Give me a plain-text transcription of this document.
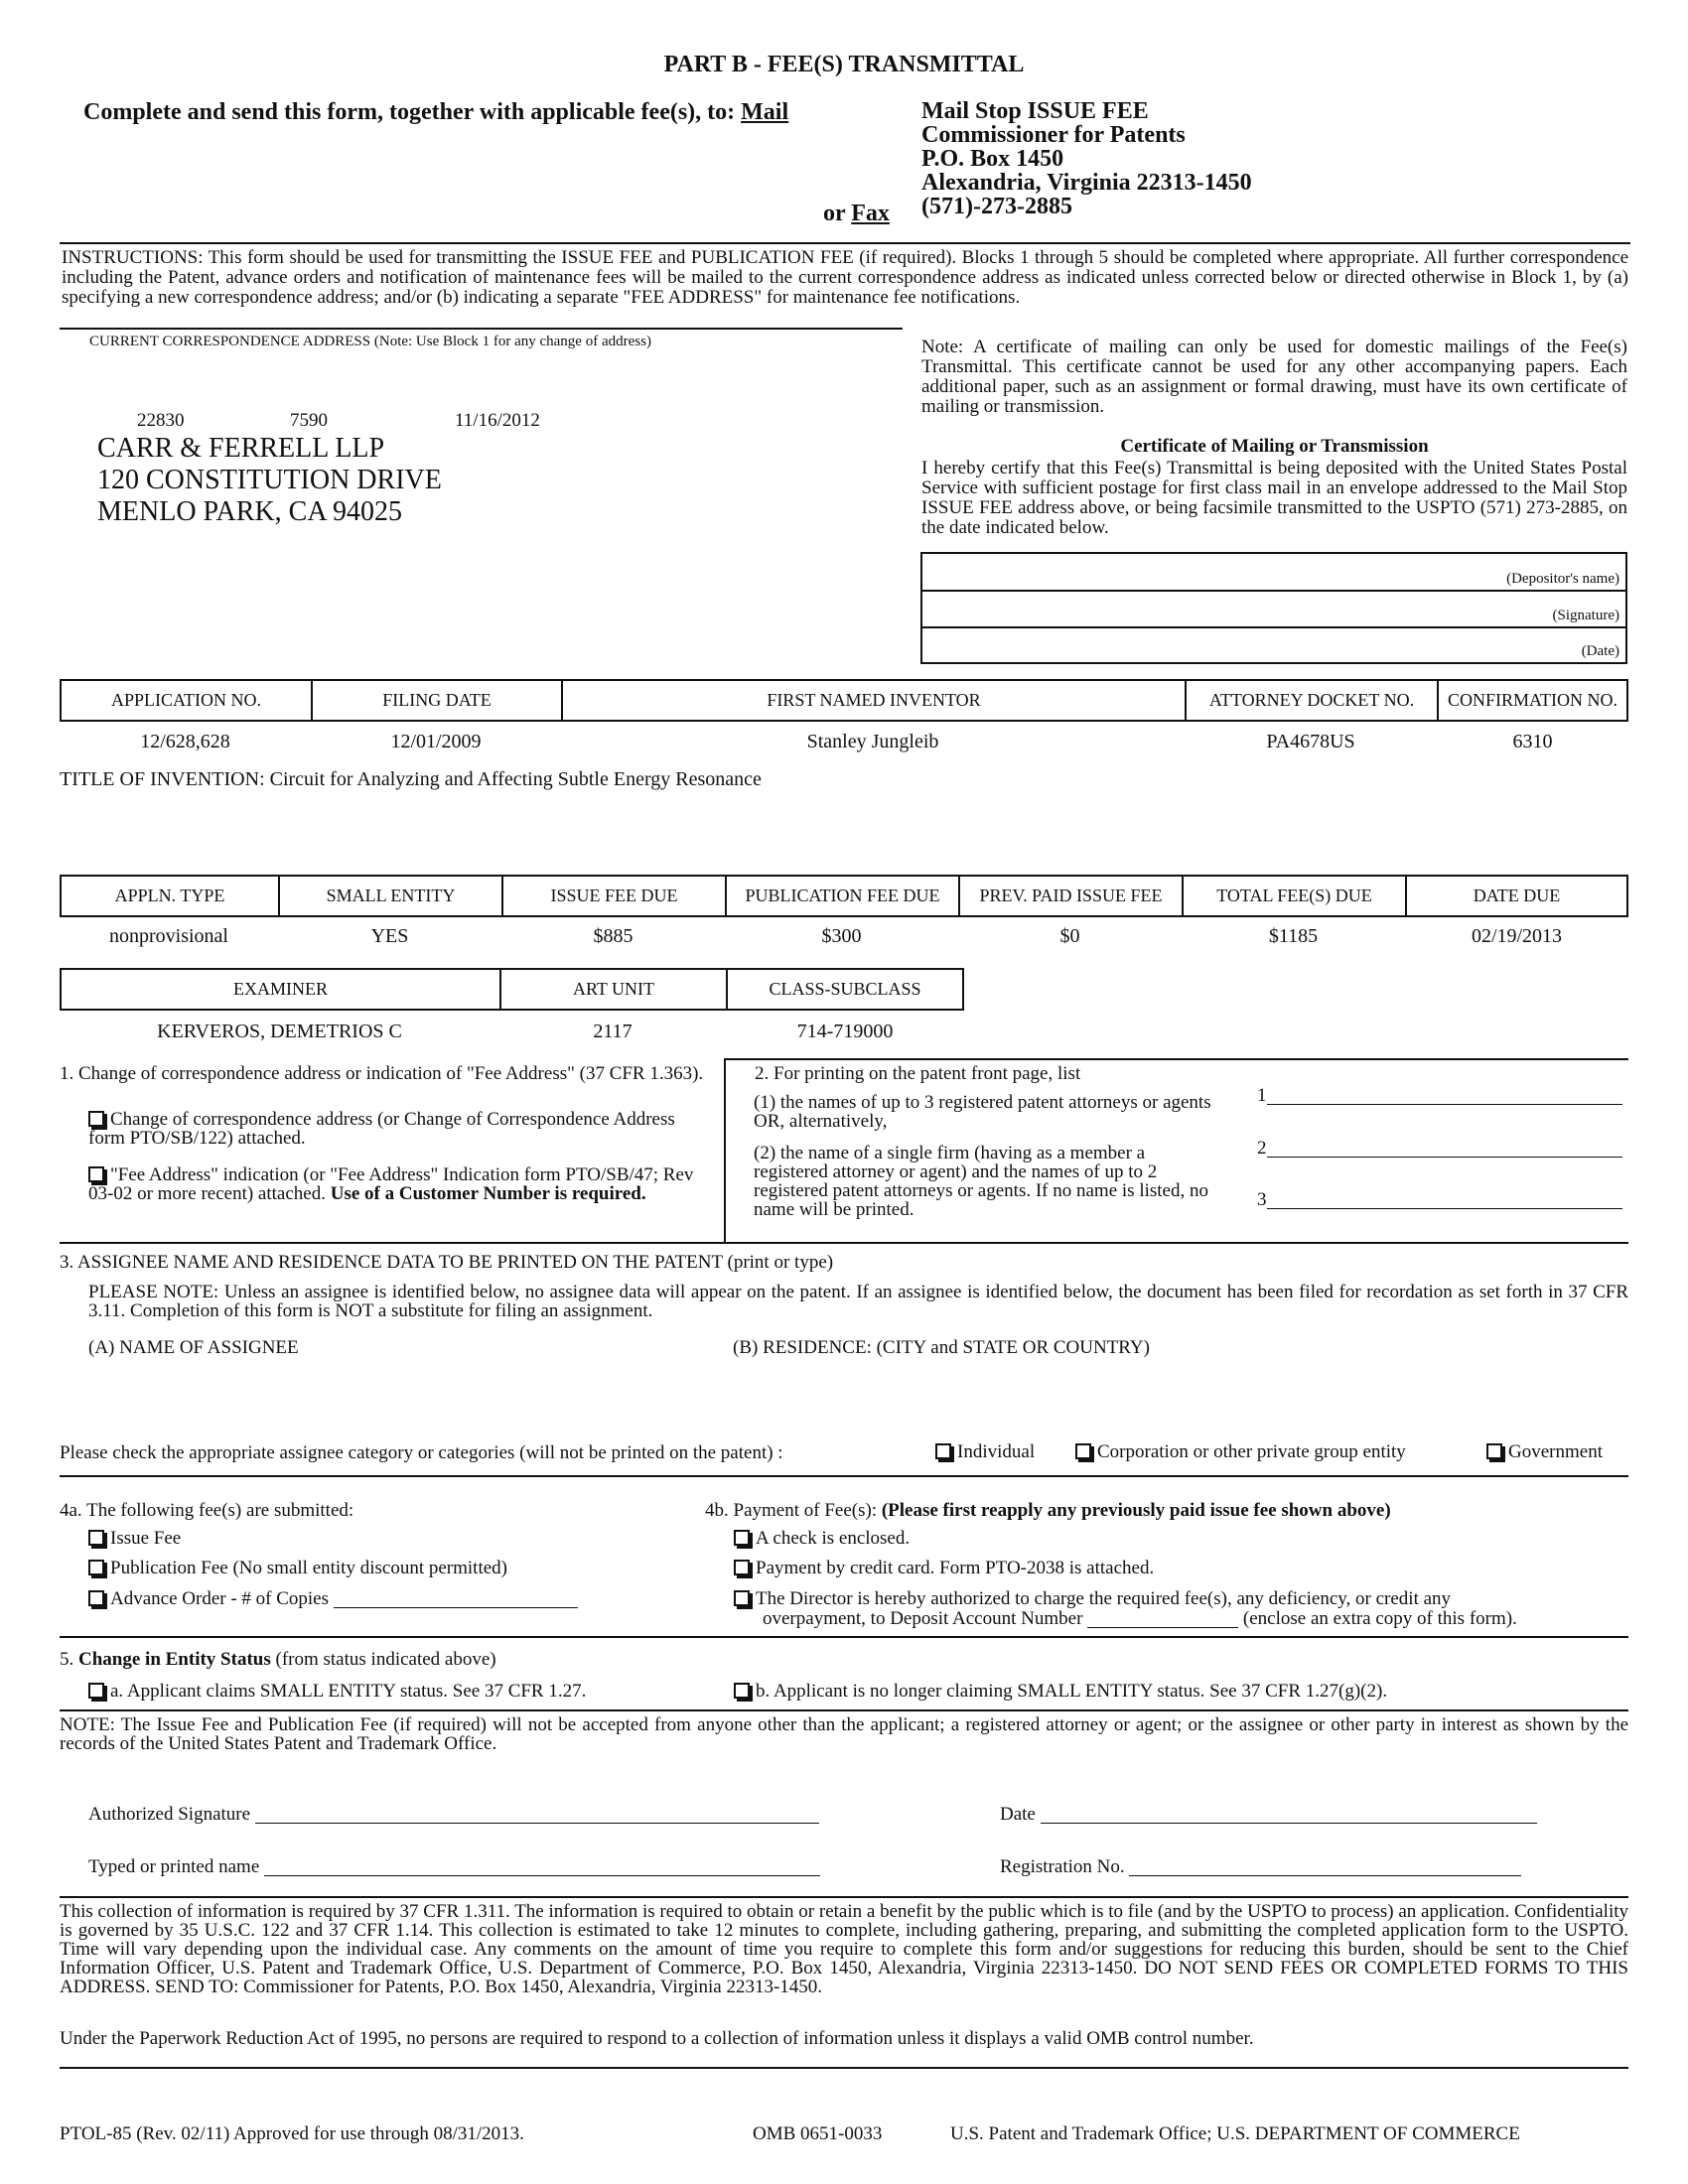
PART B - FEE(S) TRANSMITTAL
Complete and send this form, together with applicable fee(s), to: Mail	Mail Stop ISSUE FEE
Commissioner for Patents
P.O. Box 1450
Alexandria, Virginia 22313-1450
(571)-273-2885
or Fax
INSTRUCTIONS: This form should be used for transmitting the ISSUE FEE and PUBLICATION FEE (if required). Blocks 1 through 5 should be completed where appropriate. All further correspondence including the Patent, advance orders and notification of maintenance fees will be mailed to the current correspondence address as indicated unless corrected below or directed otherwise in Block 1, by (a) specifying a new correspondence address; and/or (b) indicating a separate "FEE ADDRESS" for maintenance fee notifications.
CURRENT CORRESPONDENCE ADDRESS (Note: Use Block 1 for any change of address)
22830	7590	11/16/2012
CARR & FERRELL LLP
120 CONSTITUTION DRIVE
MENLO PARK, CA 94025
Note: A certificate of mailing can only be used for domestic mailings of the Fee(s) Transmittal. This certificate cannot be used for any other accompanying papers. Each additional paper, such as an assignment or formal drawing, must have its own certificate of mailing or transmission.
Certificate of Mailing or Transmission
I hereby certify that this Fee(s) Transmittal is being deposited with the United States Postal Service with sufficient postage for first class mail in an envelope addressed to the Mail Stop ISSUE FEE address above, or being facsimile transmitted to the USPTO (571) 273-2885, on the date indicated below.
(Depositor's name)
(Signature)
(Date)
APPLICATION NO.	FILING DATE	FIRST NAMED INVENTOR	ATTORNEY DOCKET NO.	CONFIRMATION NO.
12/628,628	12/01/2009	Stanley Jungleib	PA4678US	6310
TITLE OF INVENTION: Circuit for Analyzing and Affecting Subtle Energy Resonance
APPLN. TYPE	SMALL ENTITY	ISSUE FEE DUE	PUBLICATION FEE DUE	PREV. PAID ISSUE FEE	TOTAL FEE(S) DUE	DATE DUE
nonprovisional	YES	$885	$300	$0	$1185	02/19/2013
EXAMINER	ART UNIT	CLASS-SUBCLASS
KERVEROS, DEMETRIOS C	2117	714-719000
1. Change of correspondence address or indication of "Fee Address" (37 CFR 1.363).
Change of correspondence address (or Change of Correspondence Address form PTO/SB/122) attached.
"Fee Address" indication (or "Fee Address" Indication form PTO/SB/47; Rev 03-02 or more recent) attached. Use of a Customer Number is required.
2. For printing on the patent front page, list
(1) the names of up to 3 registered patent attorneys or agents OR, alternatively,
(2) the name of a single firm (having as a member a registered attorney or agent) and the names of up to 2 registered patent attorneys or agents. If no name is listed, no name will be printed.
1
2
3
3. ASSIGNEE NAME AND RESIDENCE DATA TO BE PRINTED ON THE PATENT (print or type)
PLEASE NOTE: Unless an assignee is identified below, no assignee data will appear on the patent. If an assignee is identified below, the document has been filed for recordation as set forth in 37 CFR 3.11. Completion of this form is NOT a substitute for filing an assignment.
(A) NAME OF ASSIGNEE	(B) RESIDENCE: (CITY and STATE OR COUNTRY)
Please check the appropriate assignee category or categories (will not be printed on the patent) :	Individual	Corporation or other private group entity	Government
4a. The following fee(s) are submitted:
Issue Fee
Publication Fee (No small entity discount permitted)
Advance Order - # of Copies
4b. Payment of Fee(s): (Please first reapply any previously paid issue fee shown above)
A check is enclosed.
Payment by credit card. Form PTO-2038 is attached.
The Director is hereby authorized to charge the required fee(s), any deficiency, or credit any
overpayment, to Deposit Account Number	(enclose an extra copy of this form).
5. Change in Entity Status (from status indicated above)
a. Applicant claims SMALL ENTITY status. See 37 CFR 1.27.	b. Applicant is no longer claiming SMALL ENTITY status. See 37 CFR 1.27(g)(2).
NOTE: The Issue Fee and Publication Fee (if required) will not be accepted from anyone other than the applicant; a registered attorney or agent; or the assignee or other party in interest as shown by the records of the United States Patent and Trademark Office.
Authorized Signature	Date
Typed or printed name	Registration No.
This collection of information is required by 37 CFR 1.311. The information is required to obtain or retain a benefit by the public which is to file (and by the USPTO to process) an application. Confidentiality is governed by 35 U.S.C. 122 and 37 CFR 1.14. This collection is estimated to take 12 minutes to complete, including gathering, preparing, and submitting the completed application form to the USPTO. Time will vary depending upon the individual case. Any comments on the amount of time you require to complete this form and/or suggestions for reducing this burden, should be sent to the Chief Information Officer, U.S. Patent and Trademark Office, U.S. Department of Commerce, P.O. Box 1450, Alexandria, Virginia 22313-1450. DO NOT SEND FEES OR COMPLETED FORMS TO THIS ADDRESS. SEND TO: Commissioner for Patents, P.O. Box 1450, Alexandria, Virginia 22313-1450.
Under the Paperwork Reduction Act of 1995, no persons are required to respond to a collection of information unless it displays a valid OMB control number.
PTOL-85 (Rev. 02/11) Approved for use through 08/31/2013.	OMB 0651-0033	U.S. Patent and Trademark Office; U.S. DEPARTMENT OF COMMERCE
